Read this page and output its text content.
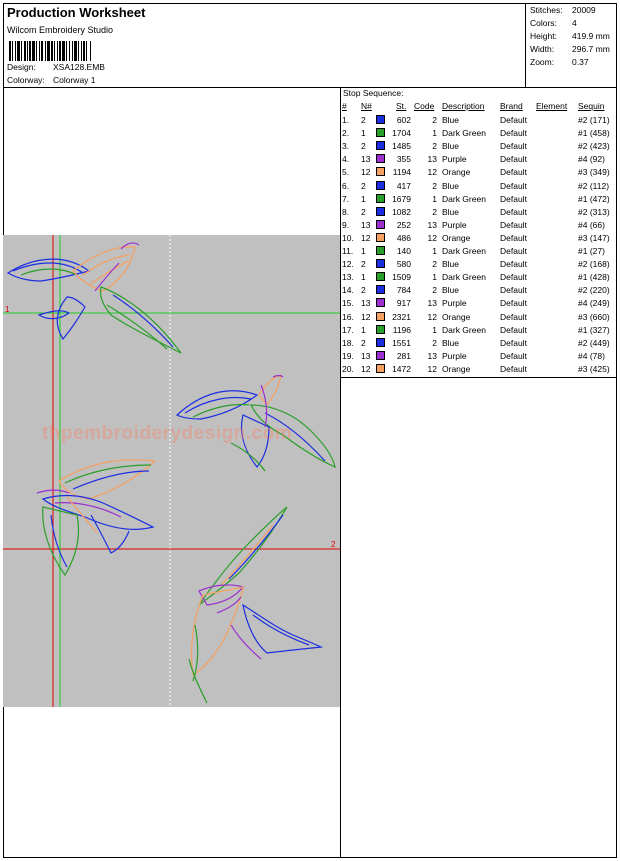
Production Worksheet
Wilcom Embroidery Studio
Design: XSA128.EMB
Colorway: Colorway 1
Stitches: 20009
Colors: 4
Height: 419.9 mm
Width: 296.7 mm
Zoom: 0.37
1
2
thpembroiderydesign.com
Stop Sequence:
# N#	St. Code Description Brand Element Sequin
1. 2	602	2 Blue	Default	#2 (171)
2. 1	1704	1 Dark Green Default	#1 (458)
3. 2	1485	2 Blue	Default	#2 (423)
4. 13	355 13 Purple	Default	#4 (92)
5. 12	1194 12 Orange	Default	#3 (349)
6. 2	417	2 Blue	Default	#2 (112)
7. 1	1679	1 Dark Green Default	#1 (472)
8. 2	1082	2 Blue	Default	#2 (313)
9. 13	252 13 Purple	Default	#4 (66)
10. 12	486 12 Orange	Default	#3 (147)
11. 1	140	1 Dark Green Default	#1 (27)
12. 2	580	2 Blue	Default	#2 (168)
13. 1	1509	1 Dark Green Default	#1 (428)
14. 2	784	2 Blue	Default	#2 (220)
15. 13	917 13 Purple	Default	#4 (249)
16. 12	2321 12 Orange	Default	#3 (660)
17. 1	1196	1 Dark Green Default	#1 (327)
18. 2	1551	2 Blue	Default	#2 (449)
19. 13	281 13 Purple	Default	#4 (78)
20. 12	1472 12 Orange	Default	#3 (425)
